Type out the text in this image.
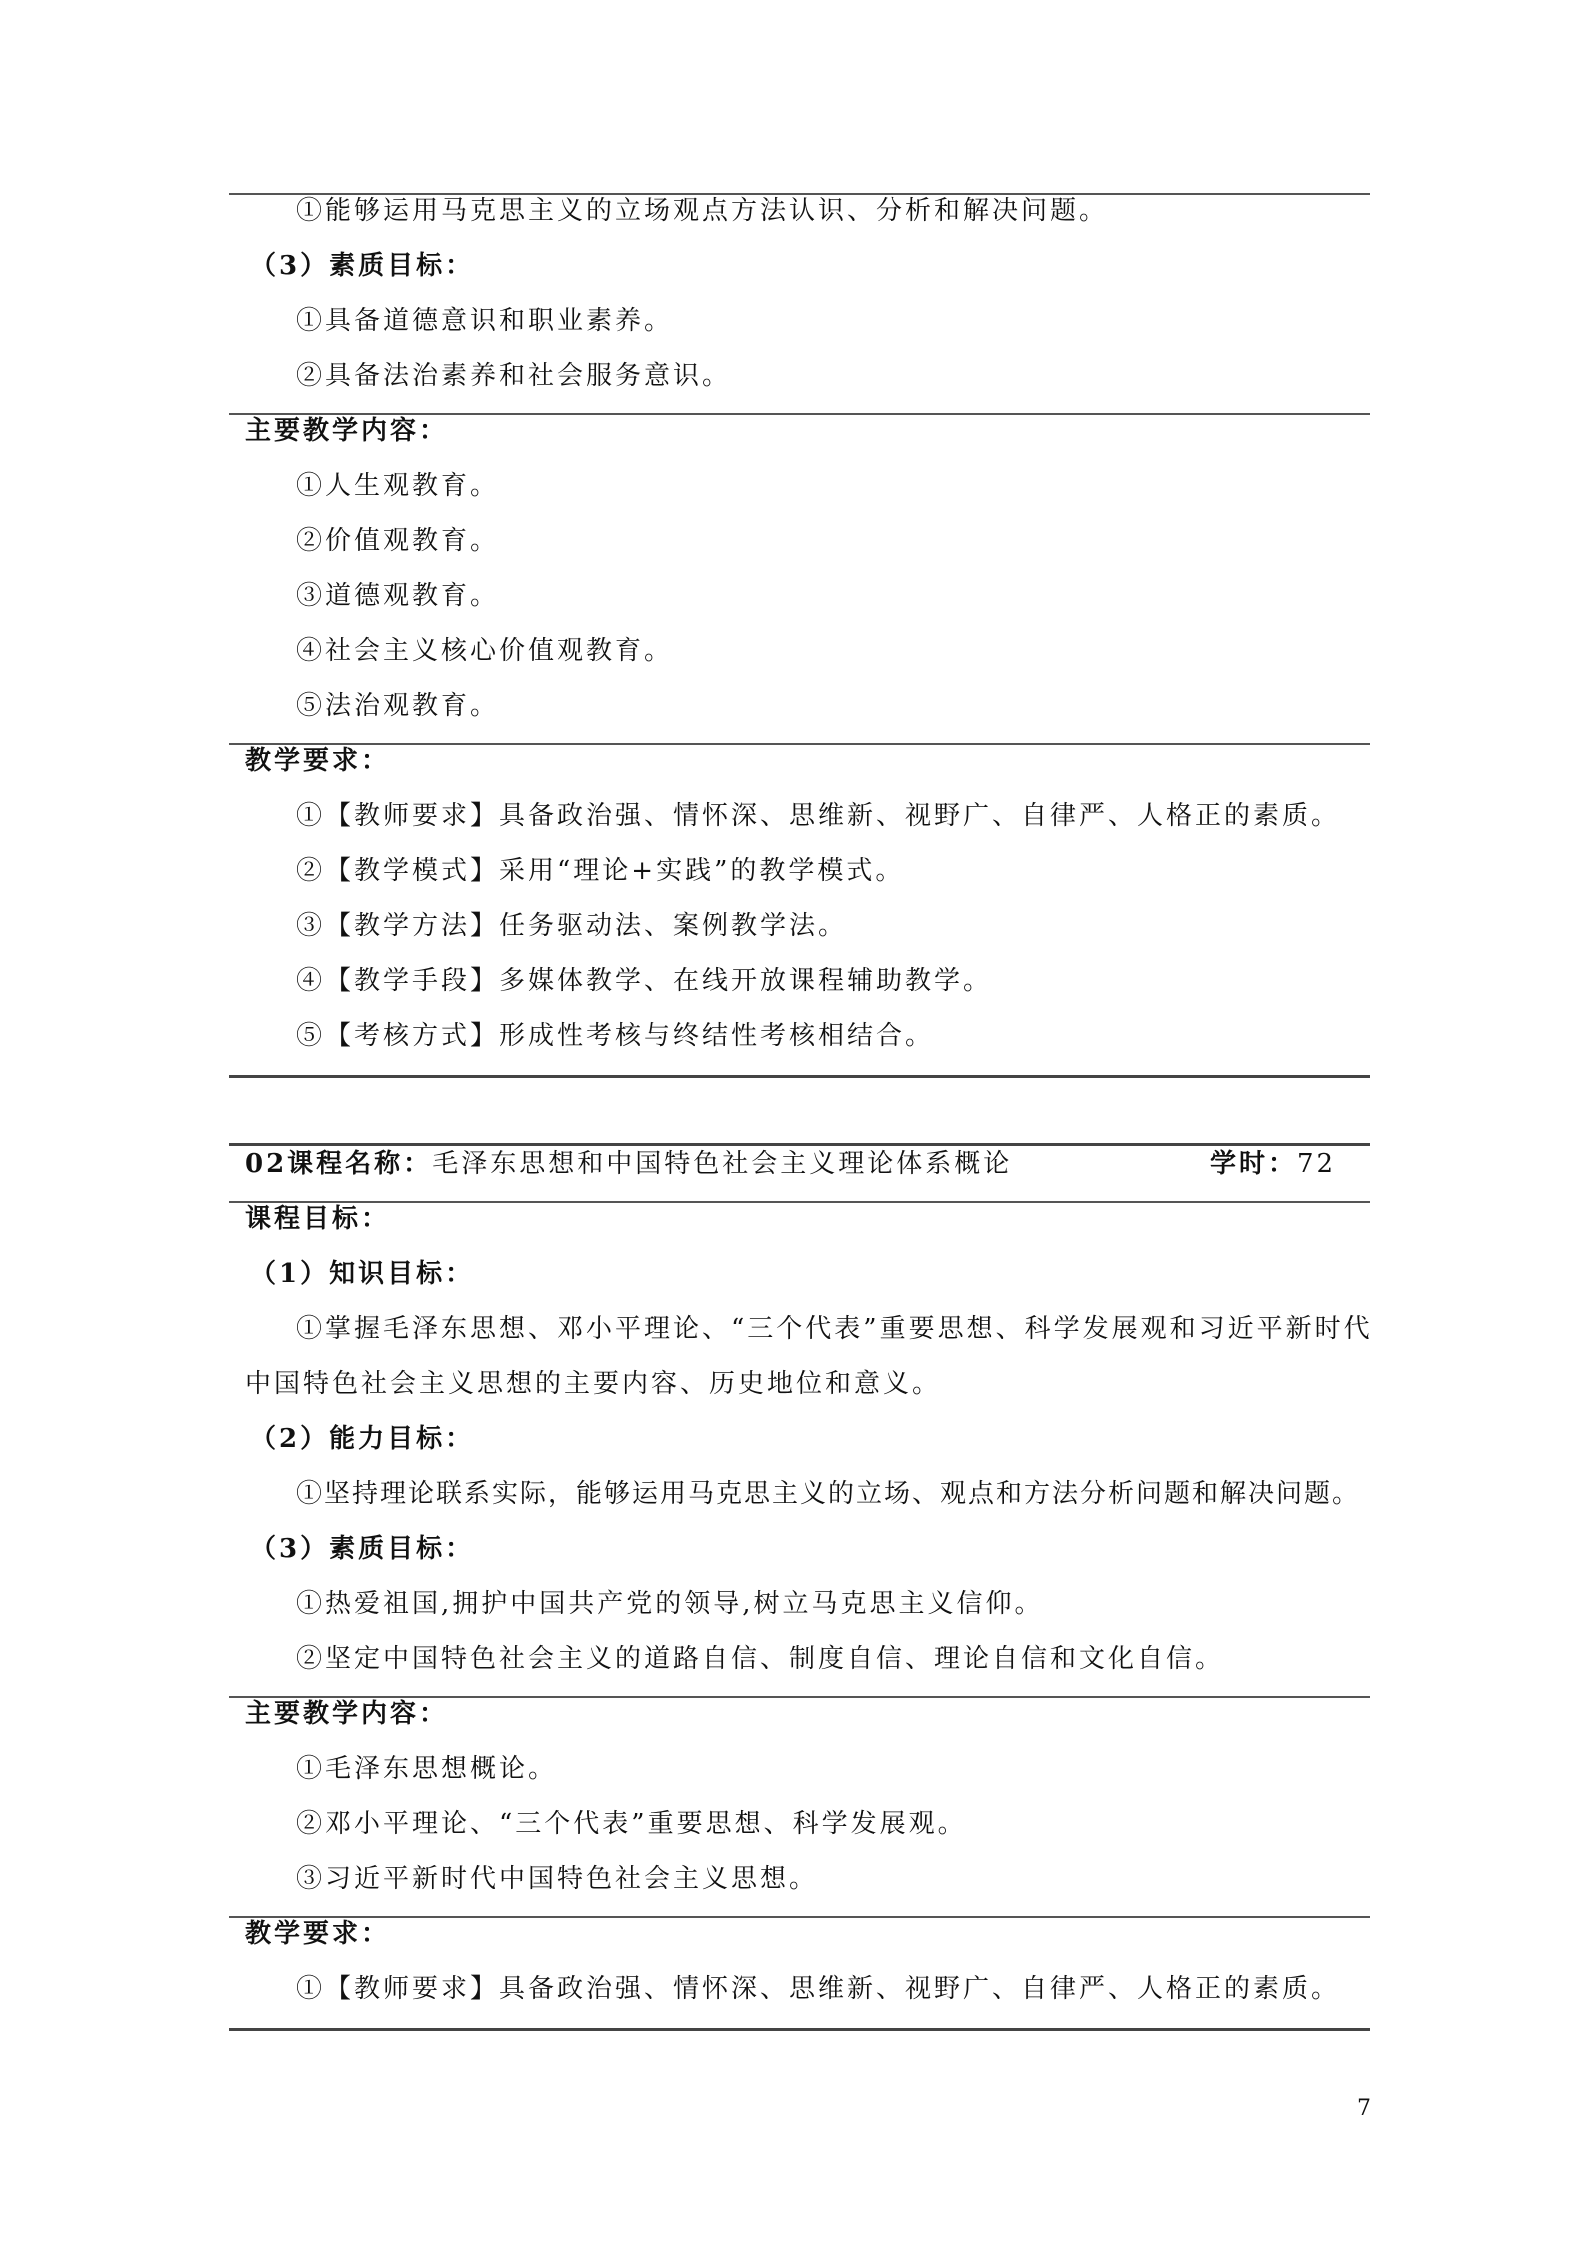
①能够运用马克思主义的立场观点方法认识、分析和解决问题。
（3）素质目标：
①具备道德意识和职业素养。
②具备法治素养和社会服务意识。
主要教学内容：
①人生观教育。
②价值观教育。
③道德观教育。
④社会主义核心价值观教育。
⑤法治观教育。
教学要求：
①【教师要求】具备政治强、情怀深、思维新、视野广、自律严、人格正的素质。
②【教学模式】采用“理论+实践”的教学模式。
③【教学方法】任务驱动法、案例教学法。
④【教学手段】多媒体教学、在线开放课程辅助教学。
⑤【考核方式】形成性考核与终结性考核相结合。
02课程名称：毛泽东思想和中国特色社会主义理论体系概论	学时：72
课程目标：
（1）知识目标：
①掌握毛泽东思想、邓小平理论、“三个代表”重要思想、科学发展观和习近平新时代
中国特色社会主义思想的主要内容、历史地位和意义。
（2）能力目标：
①坚持理论联系实际，能够运用马克思主义的立场、观点和方法分析问题和解决问题。
（3）素质目标：
①热爱祖国,拥护中国共产党的领导,树立马克思主义信仰。
②坚定中国特色社会主义的道路自信、制度自信、理论自信和文化自信。
主要教学内容：
①毛泽东思想概论。
②邓小平理论、“三个代表”重要思想、科学发展观。
③习近平新时代中国特色社会主义思想。
教学要求：
①【教师要求】具备政治强、情怀深、思维新、视野广、自律严、人格正的素质。
7
